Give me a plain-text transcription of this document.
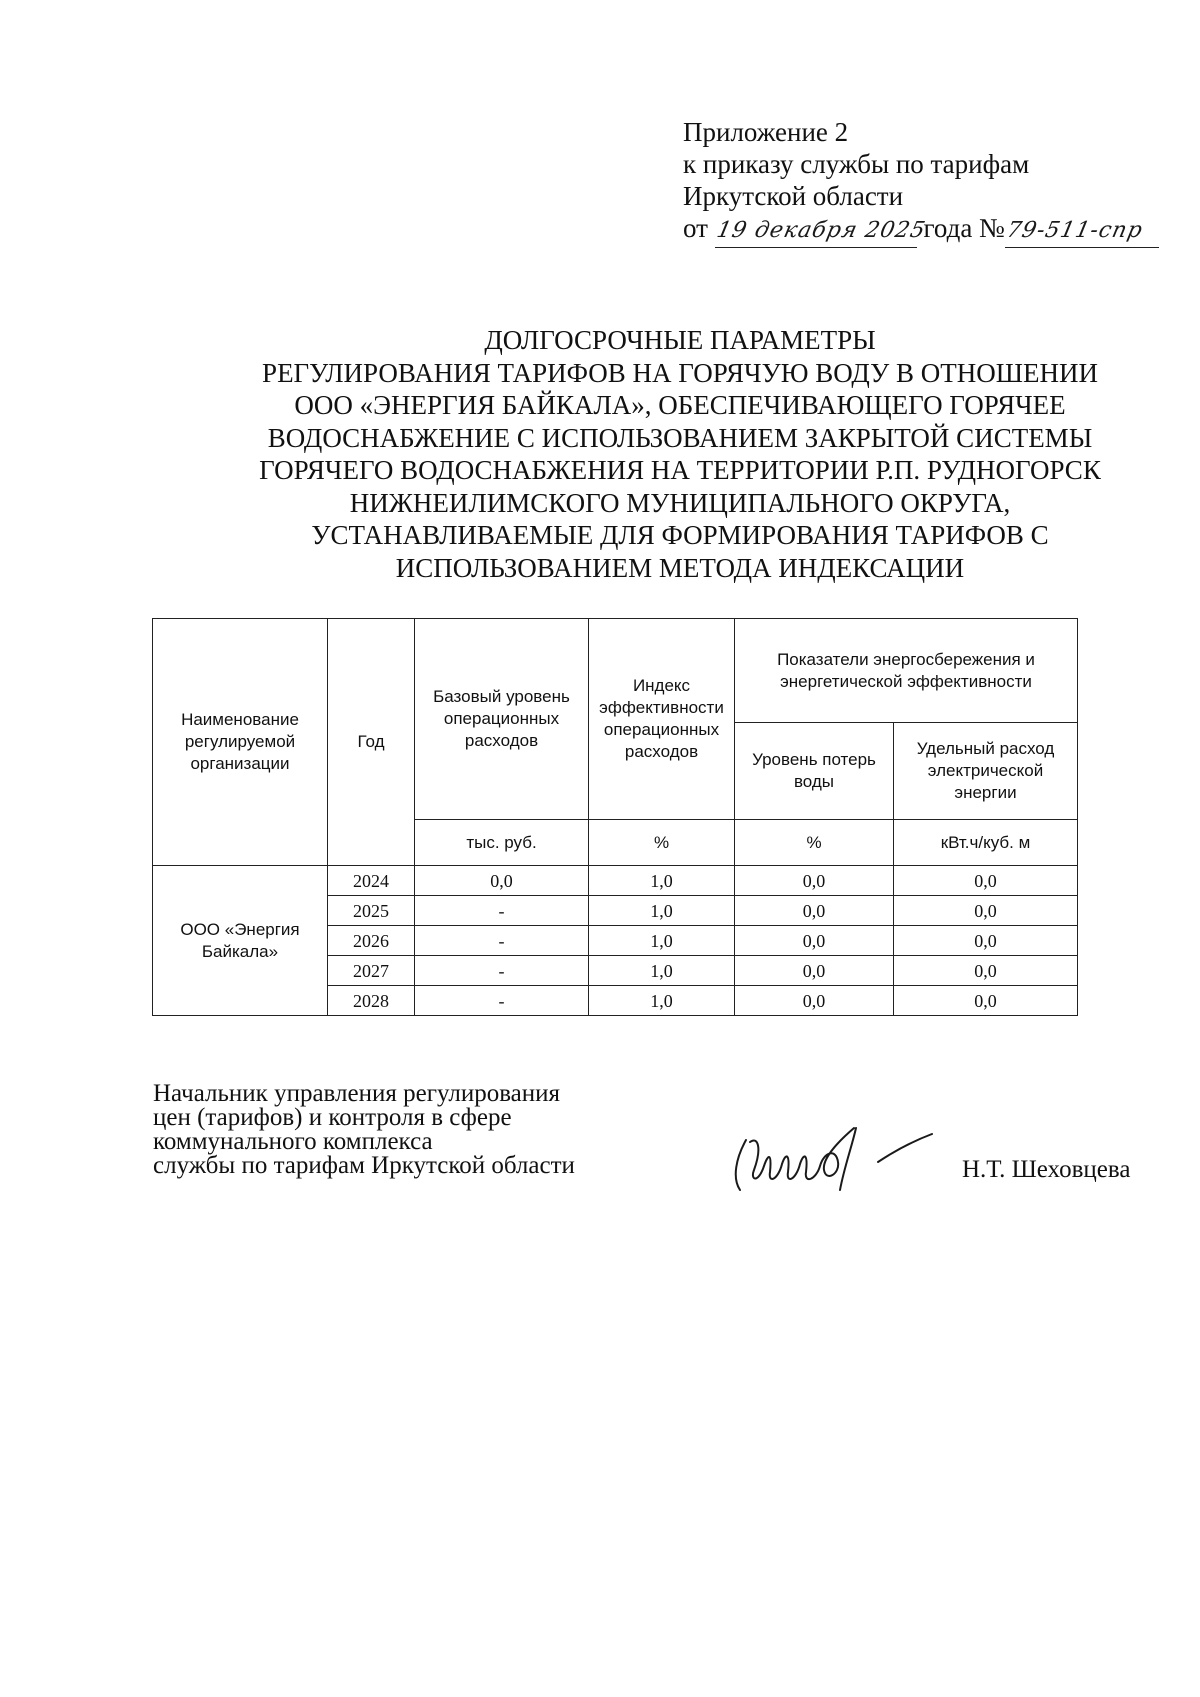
Приложение 2
к приказу службы по тарифам
Иркутской области
от 19 декабря 2025 года №79-511-спр
ДОЛГОСРОЧНЫЕ ПАРАМЕТРЫ
РЕГУЛИРОВАНИЯ ТАРИФОВ НА ГОРЯЧУЮ ВОДУ В ОТНОШЕНИИ
ООО «ЭНЕРГИЯ БАЙКАЛА», ОБЕСПЕЧИВАЮЩЕГО ГОРЯЧЕЕ
ВОДОСНАБЖЕНИЕ С ИСПОЛЬЗОВАНИЕМ ЗАКРЫТОЙ СИСТЕМЫ
ГОРЯЧЕГО ВОДОСНАБЖЕНИЯ НА ТЕРРИТОРИИ Р.П. РУДНОГОРСК
НИЖНЕИЛИМСКОГО МУНИЦИПАЛЬНОГО ОКРУГА,
УСТАНАВЛИВАЕМЫЕ ДЛЯ ФОРМИРОВАНИЯ ТАРИФОВ С
ИСПОЛЬЗОВАНИЕМ МЕТОДА ИНДЕКСАЦИИ
Наименование регулируемой организации	Год	Базовый уровень операционных расходов	Индекс эффективности операционных расходов	Показатели энергосбережения и энергетической эффективности	
				Уровень потерь воды	Удельный расход электрической энергии
		тыс. руб.	%	%	кВт.ч/куб. м
ООО «Энергия Байкала»	2024	0,0	1,0	0,0	0,0
	2025	-	1,0	0,0	0,0
	2026	-	1,0	0,0	0,0
	2027	-	1,0	0,0	0,0
	2028	-	1,0	0,0	0,0
Начальник управления регулирования
цен (тарифов) и контроля в сфере
коммунального комплекса
службы по тарифам Иркутской области	Н.Т. Шеховцева
